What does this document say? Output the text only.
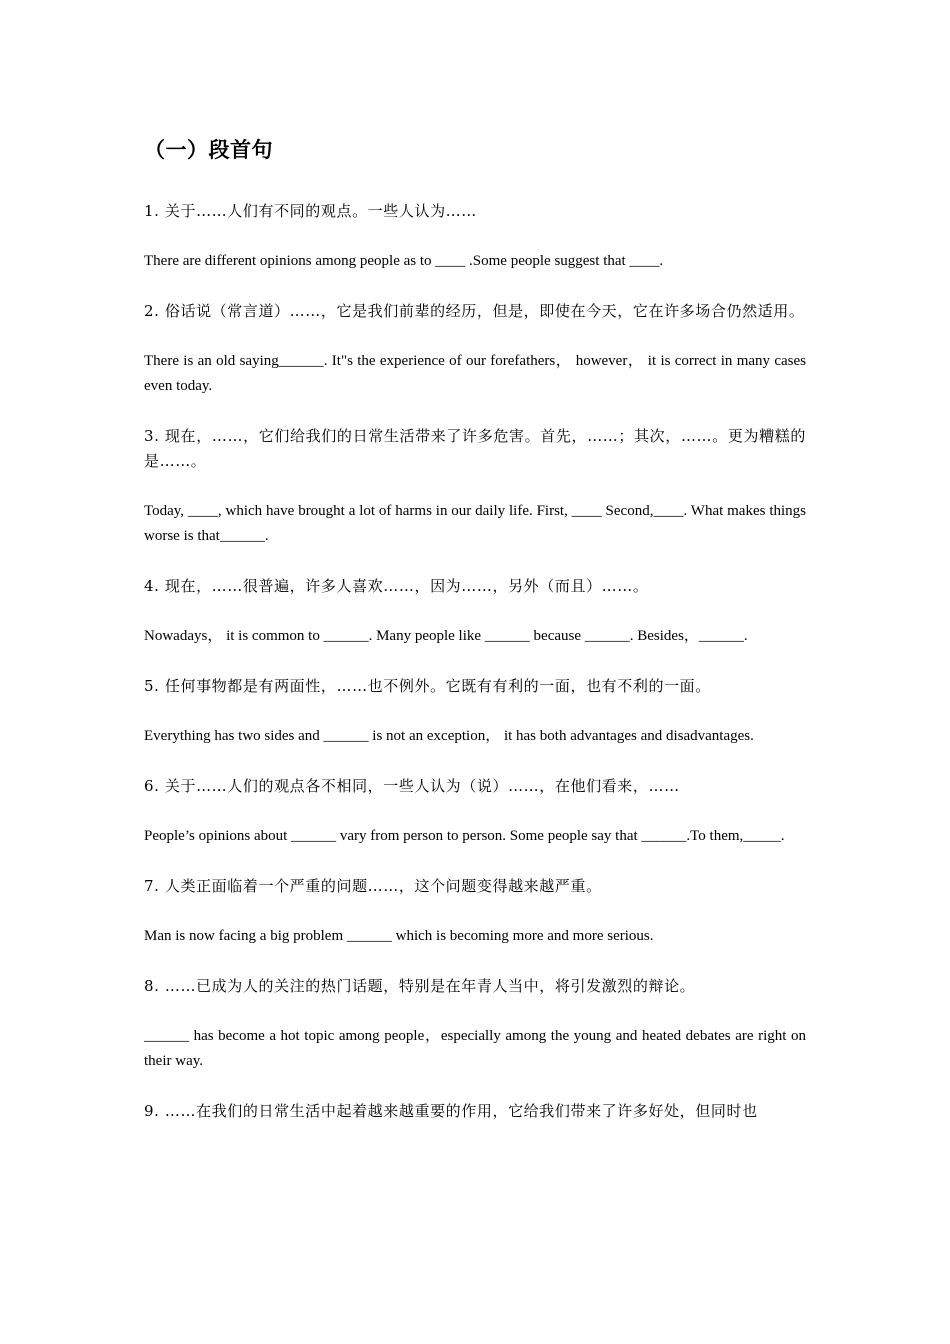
（一）段首句

1. 关于……人们有不同的观点。一些人认为……

There are different opinions among people as to ____ .Some people suggest that ____.

2. 俗话说（常言道）……，它是我们前辈的经历，但是，即使在今天，它在许多场合仍然适用。

There is an old saying______. It"s the experience of our forefathers， however， it is correct in many cases even today.

3. 现在，……，它们给我们的日常生活带来了许多危害。首先，……；其次，……。更为糟糕的是……。

Today, ____, which have brought a lot of harms in our daily life. First, ____ Second,____. What makes things worse is that______.

4. 现在，……很普遍，许多人喜欢……，因为……，另外（而且）……。

Nowadays， it is common to ______. Many people like ______ because ______. Besides，______.

5. 任何事物都是有两面性，……也不例外。它既有有利的一面，也有不利的一面。

Everything has two sides and ______ is not an exception， it has both advantages and disadvantages.

6. 关于……人们的观点各不相同，一些人认为（说）……，在他们看来，……

People’s opinions about ______ vary from person to person. Some people say that ______.To them,_____.

7. 人类正面临着一个严重的问题……，这个问题变得越来越严重。

Man is now facing a big problem ______ which is becoming more and more serious.

8. ……已成为人的关注的热门话题，特别是在年青人当中，将引发激烈的辩论。

______ has become a hot topic among people，especially among the young and heated debates are right on their way.

9. ……在我们的日常生活中起着越来越重要的作用，它给我们带来了许多好处，但同时也
